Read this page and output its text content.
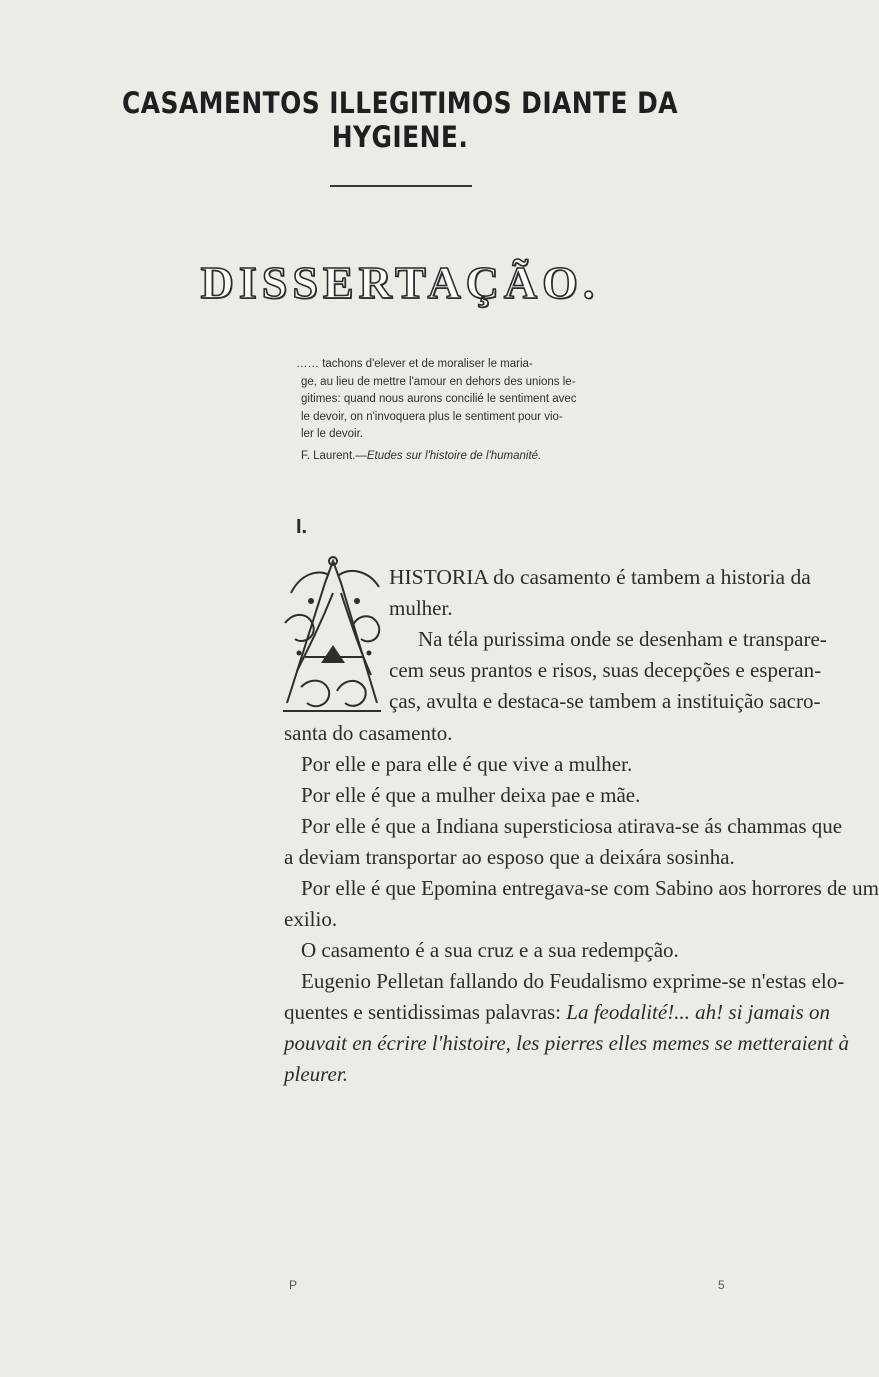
CASAMENTOS ILLEGITIMOS DIANTE DA HYGIENE.
DISSERTAÇÃO.

…… tachons d'elever et de moraliser le maria-

ge, au lieu de mettre l'amour en dehors des unions le-

gitimes: quand nous aurons concilié le sentiment avec

le devoir, on n'invoquera plus le sentiment pour vio-

ler le devoir.

F. Laurent.—Etudes sur l'histoire de l'humanité.

I.
HISTORIA do casamento é tambem a historia da
mulher.
Na téla purissima onde se desenham e transpare-
cem seus prantos e risos, suas decepções e esperan-
ças, avulta e destaca-se tambem a instituição sacro-
santa do casamento.
Por elle e para elle é que vive a mulher.
Por elle é que a mulher deixa pae e mãe.
Por elle é que a Indiana supersticiosa atirava-se ás chammas que
a deviam transportar ao esposo que a deixára sosinha.
Por elle é que Epomina entregava-se com Sabino aos horrores de um
exilio.
O casamento é a sua cruz e a sua redempção.
Eugenio Pelletan fallando do Feudalismo exprime-se n'estas elo-
quentes e sentidissimas palavras: La feodalité!... ah! si jamais on
pouvait en écrire l'histoire, les pierres elles memes se metteraient à
pleurer.
P	5
